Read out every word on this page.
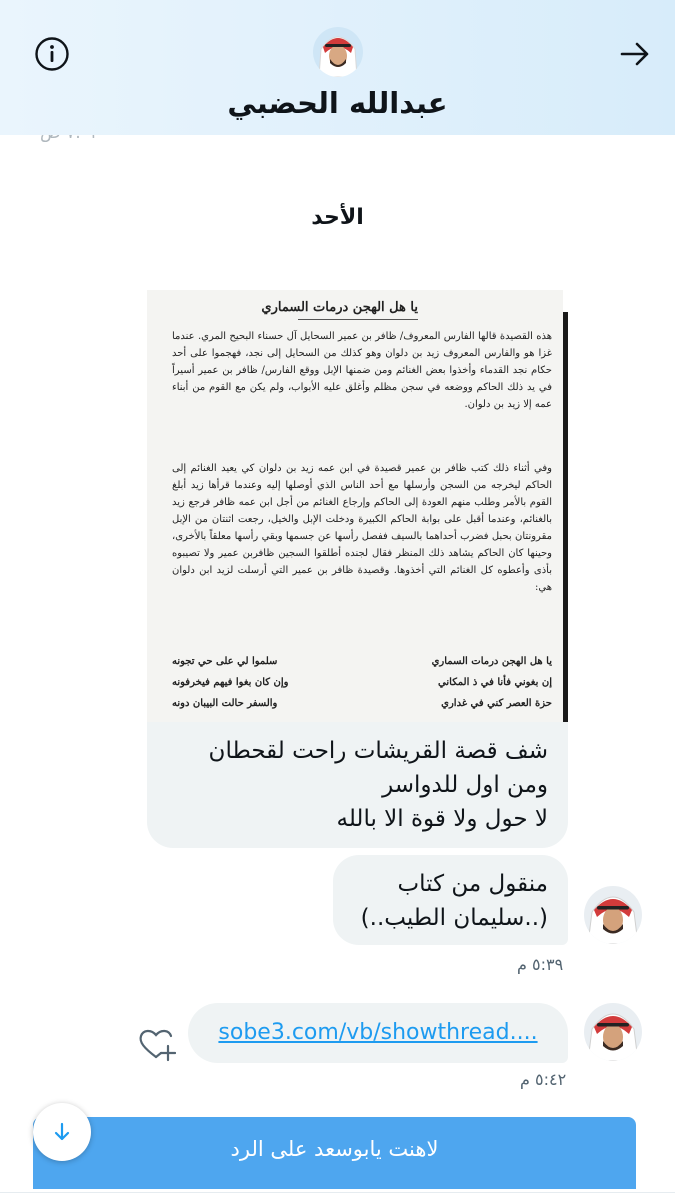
عبدالله الحضبي
الأحد
يا هل الهجن درمات السماري
هذه القصيدة قالها الفارس المعروف/ ظافر بن عمير السحايل آل حسناء البحيح المري. عندما غزا هو والفارس المعروف زيد بن دلوان وهو كذلك من السحايل إلى نجد، فهجموا على أحد حكام نجد القدماء وأخذوا بعض الغنائم ومن ضمنها الإبل ووقع الفارس/ ظافر بن عمير أسيراً في يد ذلك الحاكم ووضعه في سجن مظلم وأغلق عليه الأبواب، ولم يكن مع القوم من أبناء عمه إلا زيد بن دلوان.
وفي أثناء ذلك كتب ظافر بن عمير قصيدة في ابن عمه زيد بن دلوان كي يعيد الغنائم إلى الحاكم ليخرجه من السجن وأرسلها مع أحد الناس الذي أوصلها إليه وعندما قرأها زيد أبلغ القوم بالأمر وطلب منهم العودة إلى الحاكم وإرجاع الغنائم من أجل ابن عمه ظافر فرجع زيد بالغنائم، وعندما أقبل على بوابة الحاكم الكبيرة ودخلت الإبل والخيل، رجعت اثنتان من الإبل مقرونتان بحبل فضرب أحداهما بالسيف ففصل رأسها عن جسمها وبقي رأسها معلقاً بالأخرى، وحينها كان الحاكم يشاهد ذلك المنظر فقال لجنده أطلقوا السجين ظافربن عمير ولا تصيبوه بأذى وأعطوه كل الغنائم التي أخذوها. وقصيدة ظافر بن عمير التي أرسلت لزيد ابن دلوان هي:
يا هل الهجن درمات السماري
سلموا لي على حي تجونه
إن بغوني فأنا في ذ المكاني
وإن كان بغوا فيهم فيخرفونه
حزة العصر كني في غداري
والسفر حالت البيبان دونه
شف قصة القريشات راحت لقحطان
ومن اول للدواسر
لا حول ولا قوة الا بالله
منقول من كتاب
(..سليمان الطيب..)
٥:٣٩ م
sobe3.com/vb/showthread....
٥:٤٢ م
لاهنت يابوسعد على الرد
